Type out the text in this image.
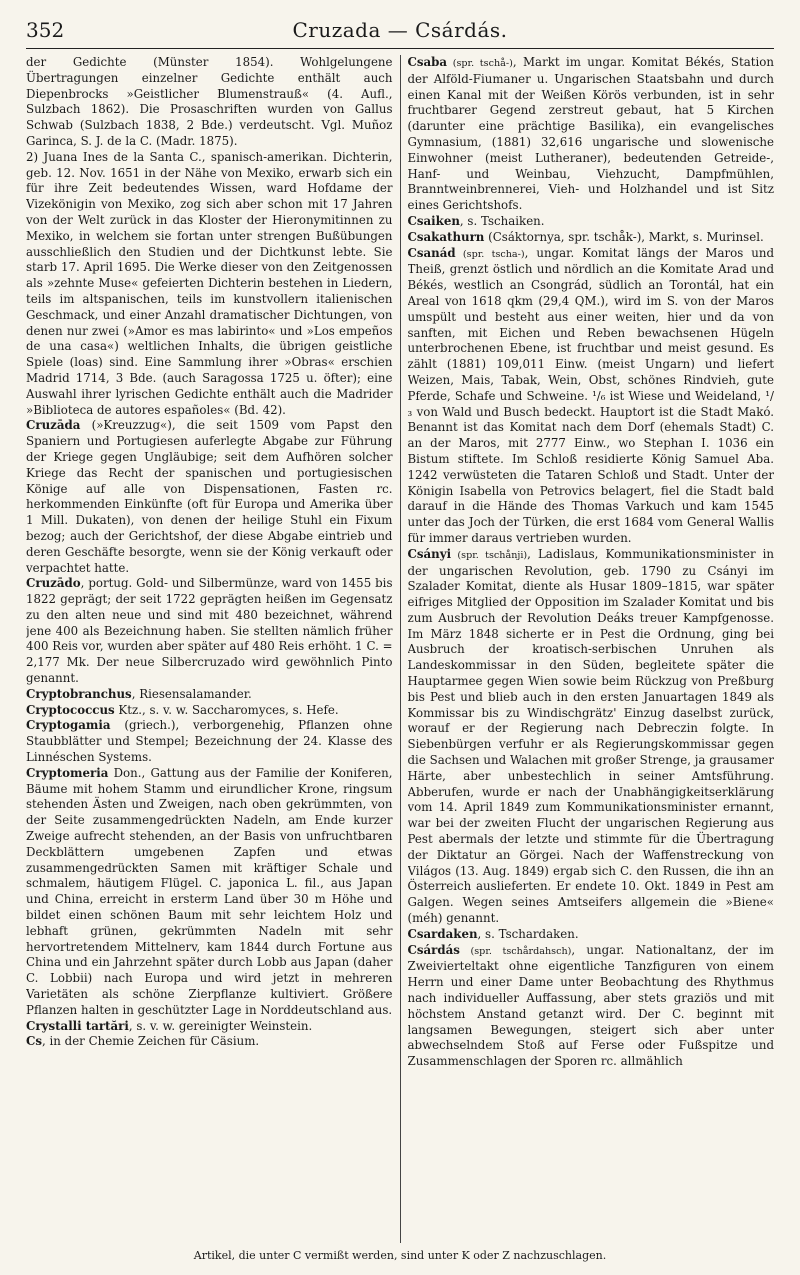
352	Cruzada — Csárdás.

der Gedichte (Münster 1854). Wohlgelungene Übertragungen einzelner Gedichte enthält auch Diepenbrocks »Geistlicher Blumenstrauß« (4. Aufl., Sulzbach 1862). Die Prosaschriften wurden von Gallus Schwab (Sulzbach 1838, 2 Bde.) verdeutscht. Vgl. Muñoz Garinca, S. J. de la C. (Madr. 1875).

2) Juana Ines de la Santa C., spanisch-amerikan. Dichterin, geb. 12. Nov. 1651 in der Nähe von Mexiko, erwarb sich ein für ihre Zeit bedeutendes Wissen, ward Hofdame der Vizekönigin von Mexiko, zog sich aber schon mit 17 Jahren von der Welt zurück in das Kloster der Hieronymitinnen zu Mexiko, in welchem sie fortan unter strengen Bußübungen ausschließlich den Studien und der Dichtkunst lebte. Sie starb 17. April 1695. Die Werke dieser von den Zeitgenossen als »zehnte Muse« gefeierten Dichterin bestehen in Liedern, teils im altspanischen, teils im kunstvollern italienischen Geschmack, und einer Anzahl dramatischer Dichtungen, von denen nur zwei (»Amor es mas labirinto« und »Los empeños de una casa«) weltlichen Inhalts, die übrigen geistliche Spiele (loas) sind. Eine Sammlung ihrer »Obras« erschien Madrid 1714, 3 Bde. (auch Saragossa 1725 u. öfter); eine Auswahl ihrer lyrischen Gedichte enthält auch die Madrider »Biblioteca de autores españoles« (Bd. 42).

Cruzāda (»Kreuzzug«), die seit 1509 vom Papst den Spaniern und Portugiesen auferlegte Abgabe zur Führung der Kriege gegen Ungläubige; seit dem Aufhören solcher Kriege das Recht der spanischen und portugiesischen Könige auf alle von Dispensationen, Fasten rc. herkommenden Einkünfte (oft für Europa und Amerika über 1 Mill. Dukaten), von denen der heilige Stuhl ein Fixum bezog; auch der Gerichtshof, der diese Abgabe eintrieb und deren Geschäfte besorgte, wenn sie der König verkauft oder verpachtet hatte.

Cruzādo, portug. Gold- und Silbermünze, ward von 1455 bis 1822 geprägt; der seit 1722 geprägten heißen im Gegensatz zu den alten neue und sind mit 480 bezeichnet, während jene 400 als Bezeichnung haben. Sie stellten nämlich früher 400 Reis vor, wurden aber später auf 480 Reis erhöht. 1 C. = 2,177 Mk. Der neue Silbercruzado wird gewöhnlich Pinto genannt.

Cryptobranchus, Riesensalamander.

Cryptococcus Ktz., s. v. w. Saccharomyces, s. Hefe.

Cryptogamia (griech.), verborgenehig, Pflanzen ohne Staubblätter und Stempel; Bezeichnung der 24. Klasse des Linnéschen Systems.

Cryptomeria Don., Gattung aus der Familie der Koniferen, Bäume mit hohem Stamm und eirundlicher Krone, ringsum stehenden Ästen und Zweigen, nach oben gekrümmten, von der Seite zusammengedrückten Nadeln, am Ende kurzer Zweige aufrecht stehenden, an der Basis von unfruchtbaren Deckblättern umgebenen Zapfen und etwas zusammengedrückten Samen mit kräftiger Schale und schmalem, häutigem Flügel. C. japonica L. fil., aus Japan und China, erreicht in ersterm Land über 30 m Höhe und bildet einen schönen Baum mit sehr leichtem Holz und lebhaft grünen, gekrümmten Nadeln mit sehr hervortretendem Mittelnerv, kam 1844 durch Fortune aus China und ein Jahrzehnt später durch Lobb aus Japan (daher C. Lobbii) nach Europa und wird jetzt in mehreren Varietäten als schöne Zierpflanze kultiviert. Größere Pflanzen halten in geschützter Lage in Norddeutschland aus.

Crystalli tartări, s. v. w. gereinigter Weinstein.

Cs, in der Chemie Zeichen für Cäsium.

Csaba (spr. tschå-), Markt im ungar. Komitat Békés, Station der Alföld-Fiumaner u. Ungarischen Staatsbahn und durch einen Kanal mit der Weißen Körös verbunden, ist in sehr fruchtbarer Gegend zerstreut gebaut, hat 5 Kirchen (darunter eine prächtige Basilika), ein evangelisches Gymnasium, (1881) 32,616 ungarische und slowenische Einwohner (meist Lutheraner), bedeutenden Getreide-, Hanf- und Weinbau, Viehzucht, Dampfmühlen, Branntweinbrennerei, Vieh- und Holzhandel und ist Sitz eines Gerichtshofs.

Csaiken, s. Tschaiken.

Csakathurn (Csáktornya, spr. tschåk-), Markt, s. Murinsel.

Csanád (spr. tscha-), ungar. Komitat längs der Maros und Theiß, grenzt östlich und nördlich an die Komitate Arad und Békés, westlich an Csongrád, südlich an Torontál, hat ein Areal von 1618 qkm (29,4 QM.), wird im S. von der Maros umspült und besteht aus einer weiten, hier und da von sanften, mit Eichen und Reben bewachsenen Hügeln unterbrochenen Ebene, ist fruchtbar und meist gesund. Es zählt (1881) 109,011 Einw. (meist Ungarn) und liefert Weizen, Mais, Tabak, Wein, Obst, schönes Rindvieh, gute Pferde, Schafe und Schweine. ¹/₆ ist Wiese und Weideland, ¹/₃ von Wald und Busch bedeckt. Hauptort ist die Stadt Makó. Benannt ist das Komitat nach dem Dorf (ehemals Stadt) C. an der Maros, mit 2777 Einw., wo Stephan I. 1036 ein Bistum stiftete. Im Schloß residierte König Samuel Aba. 1242 verwüsteten die Tataren Schloß und Stadt. Unter der Königin Isabella von Petrovics belagert, fiel die Stadt bald darauf in die Hände des Thomas Varkuch und kam 1545 unter das Joch der Türken, die erst 1684 vom General Wallis für immer daraus vertrieben wurden.

Csányi (spr. tschånji), Ladislaus, Kommunikationsminister in der ungarischen Revolution, geb. 1790 zu Csányi im Szalader Komitat, diente als Husar 1809–1815, war später eifriges Mitglied der Opposition im Szalader Komitat und bis zum Ausbruch der Revolution Deáks treuer Kampfgenosse. Im März 1848 sicherte er in Pest die Ordnung, ging bei Ausbruch der kroatisch-serbischen Unruhen als Landeskommissar in den Süden, begleitete später die Hauptarmee gegen Wien sowie beim Rückzug von Preßburg bis Pest und blieb auch in den ersten Januartagen 1849 als Kommissar bis zu Windischgrätz' Einzug daselbst zurück, worauf er der Regierung nach Debreczin folgte. In Siebenbürgen verfuhr er als Regierungskommissar gegen die Sachsen und Walachen mit großer Strenge, ja grausamer Härte, aber unbestechlich in seiner Amtsführung. Abberufen, wurde er nach der Unabhängigkeitserklärung vom 14. April 1849 zum Kommunikationsminister ernannt, war bei der zweiten Flucht der ungarischen Regierung aus Pest abermals der letzte und stimmte für die Übertragung der Diktatur an Görgei. Nach der Waffenstreckung von Világos (13. Aug. 1849) ergab sich C. den Russen, die ihn an Österreich auslieferten. Er endete 10. Okt. 1849 in Pest am Galgen. Wegen seines Amtseifers allgemein die »Biene« (méh) genannt.

Csardaken, s. Tschardaken.

Csárdás (spr. tschårdahsch), ungar. Nationaltanz, der im Zweivierteltakt ohne eigentliche Tanzfiguren von einem Herrn und einer Dame unter Beobachtung des Rhythmus nach individueller Auffassung, aber stets graziös und mit höchstem Anstand getanzt wird. Der C. beginnt mit langsamen Bewegungen, steigert sich aber unter abwechselndem Stoß auf Ferse oder Fußspitze und Zusammenschlagen der Sporen rc. allmählich

Artikel, die unter C vermißt werden, sind unter K oder Z nachzuschlagen.
